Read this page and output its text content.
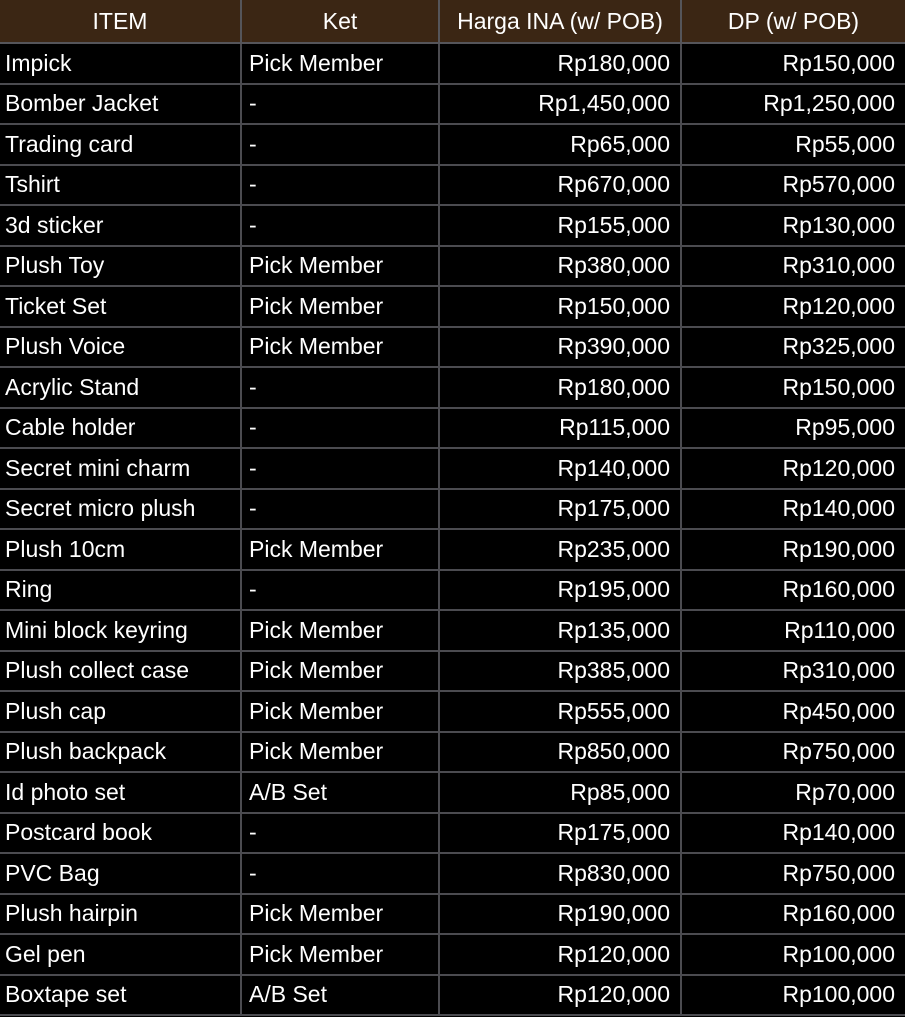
ITEM	Ket	Harga INA (w/ POB)	DP (w/ POB)
Impick	Pick Member	Rp180,000	Rp150,000
Bomber Jacket	-	Rp1,450,000	Rp1,250,000
Trading card	-	Rp65,000	Rp55,000
Tshirt	-	Rp670,000	Rp570,000
3d sticker	-	Rp155,000	Rp130,000
Plush Toy	Pick Member	Rp380,000	Rp310,000
Ticket Set	Pick Member	Rp150,000	Rp120,000
Plush Voice	Pick Member	Rp390,000	Rp325,000
Acrylic Stand	-	Rp180,000	Rp150,000
Cable holder	-	Rp115,000	Rp95,000
Secret mini charm	-	Rp140,000	Rp120,000
Secret micro plush	-	Rp175,000	Rp140,000
Plush 10cm	Pick Member	Rp235,000	Rp190,000
Ring	-	Rp195,000	Rp160,000
Mini block keyring	Pick Member	Rp135,000	Rp110,000
Plush collect case	Pick Member	Rp385,000	Rp310,000
Plush cap	Pick Member	Rp555,000	Rp450,000
Plush backpack	Pick Member	Rp850,000	Rp750,000
Id photo set	A/B Set	Rp85,000	Rp70,000
Postcard book	-	Rp175,000	Rp140,000
PVC Bag	-	Rp830,000	Rp750,000
Plush hairpin	Pick Member	Rp190,000	Rp160,000
Gel pen	Pick Member	Rp120,000	Rp100,000
Boxtape set	A/B Set	Rp120,000	Rp100,000
